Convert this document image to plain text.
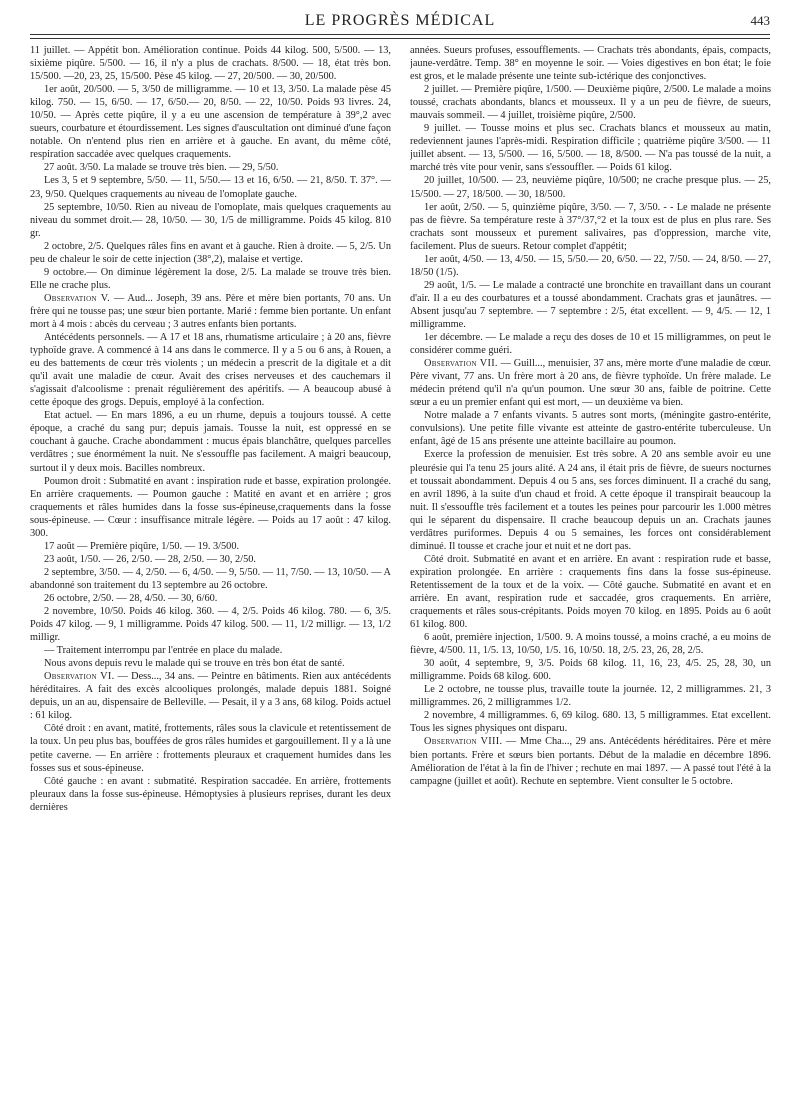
LE PROGRÈS MÉDICAL	443

11 juillet. — Appétit bon. Amélioration continue. Poids 44 kilog. 500, 5/500. — 13, sixième piqûre. 5/500. — 16, il n'y a plus de crachats. 8/500. — 18, état très bon. 15/500. —20, 23, 25, 15/500. Pèse 45 kilog. — 27, 20/500. — 30, 20/500.

1er août, 20/500. — 5, 3/50 de milligramme. — 10 et 13, 3/50. La malade pèse 45 kilog. 750. — 15, 6/50. — 17, 6/50.— 20, 8/50. — 22, 10/50. Poids 93 livres. 24, 10/50. — Après cette piqûre, il y a eu une ascension de température à 39°,2 avec sueurs, courbature et étourdissement. Les signes d'auscultation ont diminué d'une façon notable. On n'entend plus rien en arrière et à gauche. En avant, du même côté, respiration saccadée avec quelques craquements.

27 août. 3/50. La malade se trouve très bien. — 29, 5/50.

Les 3, 5 et 9 septembre, 5/50. — 11, 5/50.— 13 et 16, 6/50. — 21, 8/50. T. 37°. — 23, 9/50. Quelques craquements au niveau de l'omoplate gauche.

25 septembre, 10/50. Rien au niveau de l'omoplate, mais quelques craquements au niveau du sommet droit.— 28, 10/50. — 30, 1/5 de milligramme. Poids 45 kilog. 810 gr.

2 octobre, 2/5. Quelques râles fins en avant et à gauche. Rien à droite. — 5, 2/5. Un peu de chaleur le soir de cette injection (38°,2), malaise et vertige.

9 octobre.— On diminue légèrement la dose, 2/5. La malade se trouve très bien. Elle ne crache plus.

Observation V. — Aud... Joseph, 39 ans. Père et mère bien portants, 70 ans. Un frère qui ne tousse pas; une sœur bien portante. Marié : femme bien portante. Un enfant mort à 4 mois : abcès du cerveau ; 3 autres enfants bien portants.

Antécédents personnels. — A 17 et 18 ans, rhumatisme articulaire ; à 20 ans, fièvre typhoïde grave. A commencé à 14 ans dans le commerce. Il y a 5 ou 6 ans, à Rouen, a eu des battements de cœur très violents ; un médecin a prescrit de la digitale et a dit qu'il avait une maladie de cœur. Avait des crises nerveuses et des cauchemars il s'agissait d'alcoolisme : prenait régulièrement des apéritifs. — A beaucoup abusé à cette époque des grogs. Depuis, employé à la confection.

Etat actuel. — En mars 1896, a eu un rhume, depuis a toujours toussé. A cette époque, a craché du sang pur; depuis jamais. Tousse la nuit, est oppressé en se couchant à gauche. Crache abondamment : mucus épais blanchâtre, quelques parcelles verdâtres ; sue énormément la nuit. Ne s'essouffle pas facilement. A maigri beaucoup, surtout il y deux mois. Bacilles nombreux.

Poumon droit : Submatité en avant : inspiration rude et basse, expiration prolongée. En arrière craquements. — Poumon gauche : Matité en avant et en arrière ; gros craquements et râles humides dans la fosse sus-épineuse,craquements dans la fosse sous-épineuse. — Cœur : insuffisance mitrale légère. — Poids au 17 août : 47 kilog. 300.

17 août — Première piqûre, 1/50. — 19. 3/500.

23 août, 1/50. — 26, 2/50. — 28, 2/50. — 30, 2/50.

2 septembre, 3/50. — 4, 2/50. — 6, 4/50. — 9, 5/50. — 11, 7/50. — 13, 10/50. — A abandonné son traitement du 13 septembre au 26 octobre.

26 octobre, 2/50. — 28, 4/50. — 30, 6/60.

2 novembre, 10/50. Poids 46 kilog. 360. — 4, 2/5. Poids 46 kilog. 780. — 6, 3/5. Poids 47 kilog. — 9, 1 milligramme. Poids 47 kilog. 500. — 11, 1/2 milligr. — 13, 1/2 milligr.

— Traitement interrompu par l'entrée en place du malade.

Nous avons depuis revu le malade qui se trouve en très bon état de santé.

Observation VI. — Dess..., 34 ans. — Peintre en bâtiments. Rien aux antécédents héréditaires. A fait des excès alcooliques prolongés, malade depuis 1881. Soigné depuis, un an au, dispensaire de Belleville. — Pesait, il y a 3 ans, 68 kilog. Poids actuel : 61 kilog.

Côté droit : en avant, matité, frottements, râles sous la clavicule et retentissement de la toux. Un peu plus bas, bouffées de gros râles humides et gargouillement. Il y a là une petite caverne. — En arrière : frottements pleuraux et craquement humides dans les fosses sus et sous-épineuse.

Côté gauche : en avant : submatité. Respiration saccadée. En arrière, frottements pleuraux dans la fosse sus-épineuse. Hémoptysies à plusieurs reprises, durant les deux dernières

années. Sueurs profuses, essoufflements. — Crachats très abondants, épais, compacts, jaune-verdâtre. Temp. 38° en moyenne le soir. — Voies digestives en bon état; le foie est gros, et le malade présente une teinte sub-ictérique des conjonctives.

2 juillet. — Première piqûre, 1/500. — Deuxième piqûre, 2/500. Le malade a moins toussé, crachats abondants, blancs et mousseux. Il y a un peu de fièvre, de sueurs, mauvais sommeil. — 4 juillet, troisième piqûre, 2/500.

9 juillet. — Tousse moins et plus sec. Crachats blancs et mousseux au matin, redeviennent jaunes l'après-midi. Respiration difficile ; quatrième piqûre 3/500. — 11 juillet absent. — 13, 5/500. — 16, 5/500. — 18, 8/500. — N'a pas toussé de la nuit, a marché très vite pour venir, sans s'essouffler. — Poids 61 kilog.

20 juillet, 10/500. — 23, neuvième piqûre, 10/500; ne crache presque plus. — 25, 15/500. — 27, 18/500. — 30, 18/500.

1er août, 2/50. — 5, quinzième piqûre, 3/50. — 7, 3/50. - - Le malade ne présente pas de fièvre. Sa température reste à 37°/37,°2 et la toux est de plus en plus rare. Ses crachats sont mousseux et purement salivaires, pas d'oppression, marche vite, facilement. Plus de sueurs. Retour complet d'appétit;

1er août, 4/50. — 13, 4/50. — 15, 5/50.— 20, 6/50. — 22, 7/50. — 24, 8/50. — 27, 18/50 (1/5).

29 août, 1/5. — Le malade a contracté une bronchite en travaillant dans un courant d'air. Il a eu des courbatures et a toussé abondamment. Crachats gras et jaunâtres. — Absent jusqu'au 7 septembre. — 7 septembre : 2/5, état excellent. — 9, 4/5. — 12, 1 milligramme.

1er décembre. — Le malade a reçu des doses de 10 et 15 milligrammes, on peut le considérer comme guéri.

Observation VII. — Guill..., menuisier, 37 ans, mère morte d'une maladie de cœur. Père vivant, 77 ans. Un frère mort à 20 ans, de fièvre typhoïde. Un frère malade. Le médecin prétend qu'il n'a qu'un poumon. Une sœur 30 ans, faible de poitrine. Cette sœur a eu un premier enfant qui est mort, — un deuxième va bien.

Notre malade a 7 enfants vivants. 5 autres sont morts, (méningite gastro-entérite, convulsions). Une petite fille vivante est atteinte de gastro-entérite tuberculeuse. Un enfant, âgé de 15 ans présente une atteinte bacillaire au poumon.

Exerce la profession de menuisier. Est très sobre. A 20 ans semble avoir eu une pleurésie qui l'a tenu 25 jours alité. A 24 ans, il était pris de fièvre, de sueurs nocturnes et toussait abondamment. Depuis 4 ou 5 ans, ses forces diminuent. Il a craché du sang, en avril 1896, à la suite d'un chaud et froid. A cette époque il transpirait beaucoup la nuit. Il s'essouffle très facilement et a toutes les peines pour parcourir les 1.000 mètres qui le séparent du dispensaire. Il crache beaucoup depuis un an. Crachats jaunes verdâtres puriformes. Depuis 4 ou 5 semaines, les forces ont considérablement diminué. Il tousse et crache jour et nuit et ne dort pas.

Côté droit. Submatité en avant et en arrière. En avant : respiration rude et basse, expiration prolongée. En arrière : craquements fins dans la fosse sus-épineuse. Retentissement de la toux et de la voix. — Côté gauche. Submatité en avant et en arrière. En avant, respiration rude et saccadée, gros craquements. En arrière, craquements et râles sous-crépitants. Poids moyen 70 kilog. en 1895. Poids au 6 août 61 kilog. 800.

6 août, première injection, 1/500. 9. A moins toussé, a moins craché, a eu moins de fièvre, 4/500. 11, 1/5. 13, 10/50, 1/5. 16, 10/50. 18, 2/5. 23, 26, 28, 2/5.

30 août, 4 septembre, 9, 3/5. Poids 68 kilog. 11, 16, 23, 4/5. 25, 28, 30, un milligramme. Poids 68 kilog. 600.

Le 2 octobre, ne tousse plus, travaille toute la journée. 12, 2 milligrammes. 21, 3 milligrammes. 26, 2 milligrammes 1/2.

2 novembre, 4 milligrammes. 6, 69 kilog. 680. 13, 5 milligrammes. Etat excellent. Tous les signes physiques ont disparu.

Observation VIII. — Mme Cha..., 29 ans. Antécédents héréditaires. Père et mère bien portants. Frère et sœurs bien portants. Début de la maladie en décembre 1896. Amélioration de l'état à la fin de l'hiver ; rechute en mai 1897. — A passé tout l'été à la campagne (juillet et août). Rechute en septembre. Vient consulter le 5 octobre.
